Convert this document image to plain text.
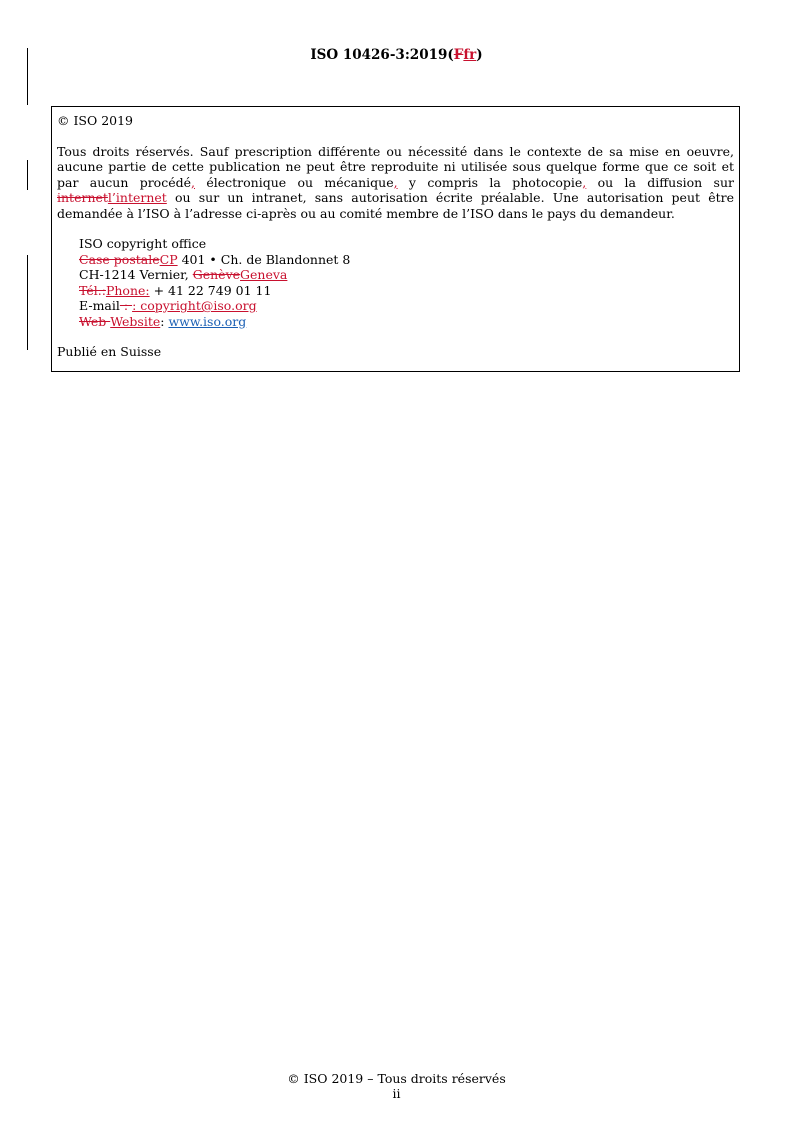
ISO 10426-3:2019(Ffr)

© ISO 2019

Tous droits réservés. Sauf prescription différente ou nécessité dans le contexte de sa mise en oeuvre, aucune partie de cette publication ne peut être reproduite ni utilisée sous quelque forme que ce soit et par aucun procédé, électronique ou mécanique, y compris la photocopie, ou la diffusion sur internetl’internet ou sur un intranet, sans autorisation écrite préalable. Une autorisation peut être demandée à l’ISO à l’adresse ci-après ou au comité membre de l’ISO dans le pays du demandeur.

ISO copyright office
Case postaleCP 401 • Ch. de Blandonnet 8
CH-1214 Vernier, GenèveGeneva
Tél.:Phone: + 41 22 749 01 11
E-mail : : copyright@iso.org
Web Website: www.iso.org

Publié en Suisse

© ISO 2019 – Tous droits réservés
ii
